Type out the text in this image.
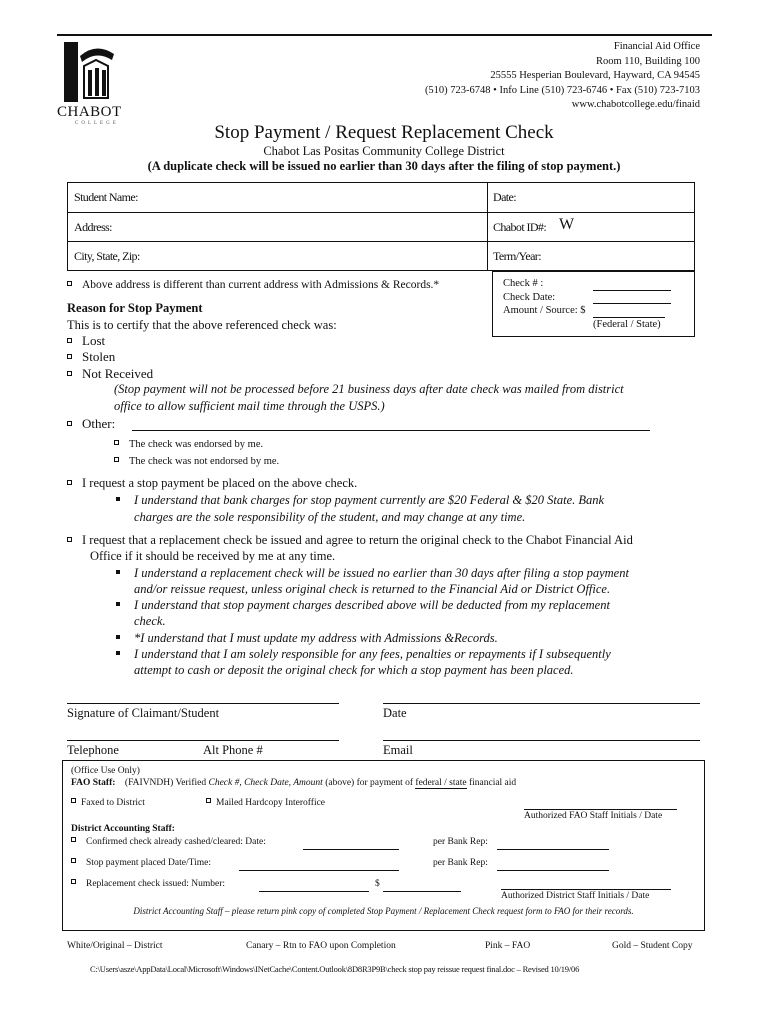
CHABOT
COLLEGE
Financial Aid Office
Room 110, Building 100
25555 Hesperian Boulevard, Hayward, CA 94545
(510) 723-6748 • Info Line (510) 723-6746 • Fax (510) 723-7103
www.chabotcollege.edu/finaid
Stop Payment / Request Replacement Check
Chabot Las Positas Community College District
(A duplicate check will be issued no earlier than 30 days after the filing of stop payment.)
Student Name:	Date:
Address:	Chabot ID#: W
City, State, Zip:	Term/Year:
Check # :
Check Date:
Amount / Source: $
(Federal / State)
Above address is different than current address with Admissions & Records.*
Reason for Stop Payment
This is to certify that the above referenced check was:
Lost
Stolen
Not Received
(Stop payment will not be processed before 21 business days after date check was mailed from district
office to allow sufficient mail time through the USPS.)
Other:
The check was endorsed by me.
The check was not endorsed by me.
I request a stop payment be placed on the above check.
I understand that bank charges for stop payment currently are $20 Federal & $20 State. Bank
charges are the sole responsibility of the student, and may change at any time.
I request that a replacement check be issued and agree to return the original check to the Chabot Financial Aid
Office if it should be received by me at any time.
I understand a replacement check will be issued no earlier than 30 days after filing a stop payment
and/or reissue request, unless original check is returned to the Financial Aid or District Office.
I understand that stop payment charges described above will be deducted from my replacement
check.
*I understand that I must update my address with Admissions &Records.
I understand that I am solely responsible for any fees, penalties or repayments if I subsequently
attempt to cash or deposit the original check for which a stop payment has been placed.
Signature of Claimant/Student	Date
Telephone	Alt Phone #	Email
(Office Use Only)
FAO Staff: (FAIVNDH) Verified Check #, Check Date, Amount (above) for payment of federal / state financial aid
Faxed to District	Mailed Hardcopy Interoffice
Authorized FAO Staff Initials / Date
District Accounting Staff:
Confirmed check already cashed/cleared: Date:	per Bank Rep:
Stop payment placed Date/Time:	per Bank Rep:
Replacement check issued: Number:	$
Authorized District Staff Initials / Date
District Accounting Staff – please return pink copy of completed Stop Payment / Replacement Check request form to FAO for their records.
White/Original – District	Canary – Rtn to FAO upon Completion	Pink – FAO	Gold – Student Copy
C:\Users\asze\AppData\Local\Microsoft\Windows\INetCache\Content.Outlook\8D8R3P9B\check stop pay reissue request final.doc – Revised 10/19/06
